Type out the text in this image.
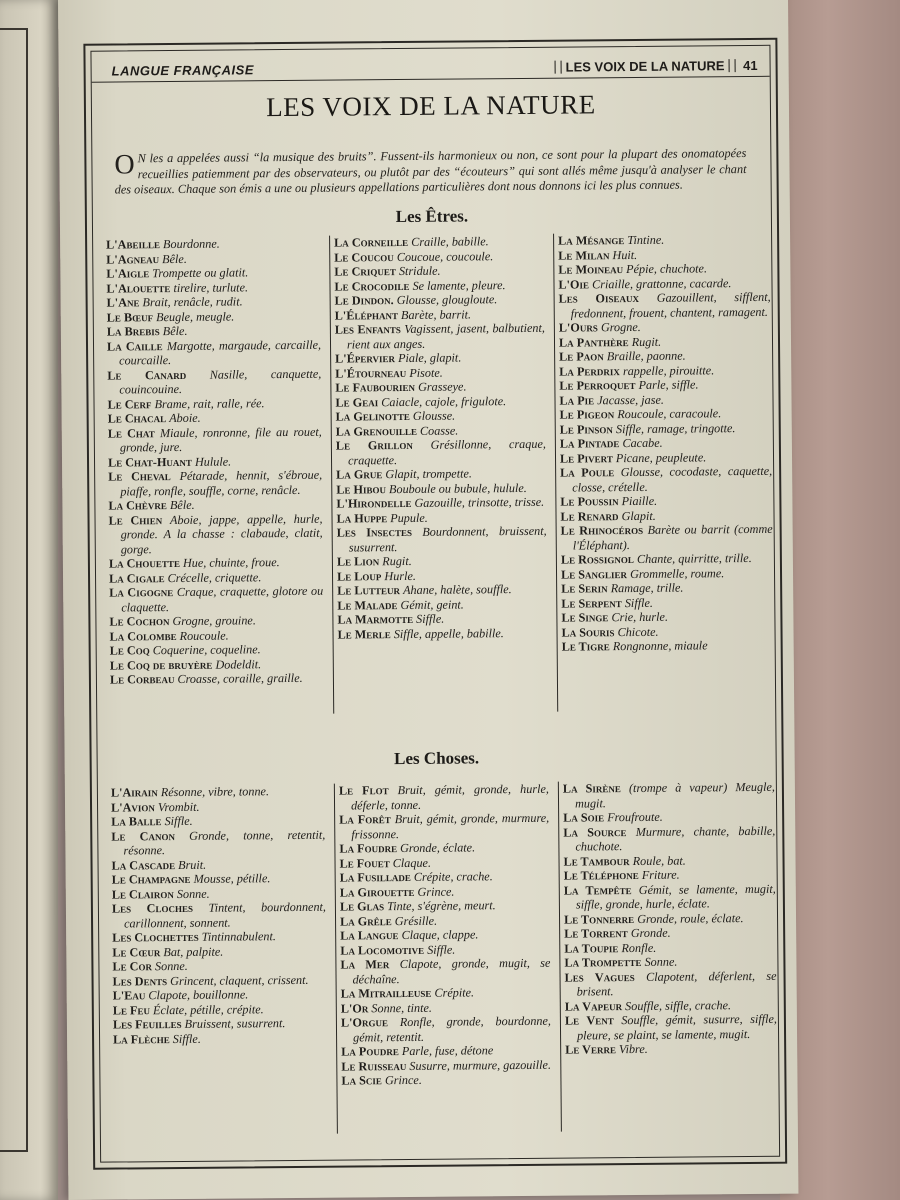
LANGUE FRANÇAISE	LES VOIX DE LA NATURE 41
LES VOIX DE LA NATURE

O N les a appelées aussi “la musique des bruits”. Fussent-ils harmonieux ou non, ce sont pour la plupart des onomatopées recueillies patiemment par des observateurs, ou plutôt par des “écouteurs” qui sont allés même jusqu'à analyser le chant des oiseaux. Chaque son émis a une ou plusieurs appellations particulières dont nous donnons ici les plus connues.

Les Êtres.

L'Abeille Bourdonne.

L'Agneau Bêle.

L'Aigle Trompette ou glatit.

L'Alouette tirelire, turlute.

L'Ane Brait, renâcle, rudit.

Le Bœuf Beugle, meugle.

La Brebis Bêle.

La Caille Margotte, margaude, carcaille, courcaille.

Le Canard Nasille, canquette, couincouine.

Le Cerf Brame, rait, ralle, rée.

Le Chacal Aboie.

Le Chat Miaule, ronronne, file au rouet, gronde, jure.

Le Chat-Huant Hulule.

Le Cheval Pétarade, hennit, s'ébroue, piaffe, ronfle, souffle, corne, renâcle.

La Chèvre Bêle.

Le Chien Aboie, jappe, appelle, hurle, gronde. A la chasse : clabaude, clatit, gorge.

La Chouette Hue, chuinte, froue.

La Cigale Crécelle, criquette.

La Cigogne Craque, craquette, glotore ou claquette.

Le Cochon Grogne, grouine.

La Colombe Roucoule.

Le Coq Coquerine, coqueline.

Le Coq de bruyère Dodeldit.

Le Corbeau Croasse, coraille, graille.

La Corneille Craille, babille.

Le Coucou Coucoue, coucoule.

Le Criquet Stridule.

Le Crocodile Se lamente, pleure.

Le Dindon. Glousse, glougloute.

L'Éléphant Barète, barrit.

Les Enfants Vagissent, jasent, balbutient, rient aux anges.

L'Épervier Piale, glapit.

L'Étourneau Pisote.

Le Faubourien Grasseye.

Le Geai Caiacle, cajole, frigulote.

La Gelinotte Glousse.

La Grenouille Coasse.

Le Grillon Grésillonne, craque, craquette.

La Grue Glapit, trompette.

Le Hibou Bouboule ou bubule, hulule.

L'Hirondelle Gazouille, trinsotte, trisse.

La Huppe Pupule.

Les Insectes Bourdonnent, bruissent, susurrent.

Le Lion Rugit.

Le Loup Hurle.

Le Lutteur Ahane, halète, souffle.

Le Malade Gémit, geint.

La Marmotte Siffle.

Le Merle Siffle, appelle, babille.

La Mésange Tintine.

Le Milan Huit.

Le Moineau Pépie, chuchote.

L'Oie Criaille, grattonne, cacarde.

Les Oiseaux Gazouillent, sifflent, fredonnent, frouent, chantent, ramagent.

L'Ours Grogne.

La Panthère Rugit.

Le Paon Braille, paonne.

La Perdrix rappelle, pirouitte.

Le Perroquet Parle, siffle.

La Pie Jacasse, jase.

Le Pigeon Roucoule, caracoule.

Le Pinson Siffle, ramage, tringotte.

La Pintade Cacabe.

Le Pivert Picane, peupleute.

La Poule Glousse, cocodaste, caquette, closse, crételle.

Le Poussin Piaille.

Le Renard Glapit.

Le Rhinocéros Barète ou barrit (comme l'Éléphant).

Le Rossignol Chante, quirritte, trille.

Le Sanglier Grommelle, roume.

Le Serin Ramage, trille.

Le Serpent Siffle.

Le Singe Crie, hurle.

La Souris Chicote.

Le Tigre Rongnonne, miaule

Les Choses.

L'Airain Résonne, vibre, tonne.

L'Avion Vrombit.

La Balle Siffle.

Le Canon Gronde, tonne, retentit, résonne.

La Cascade Bruit.

Le Champagne Mousse, pétille.

Le Clairon Sonne.

Les Cloches Tintent, bourdonnent, carillonnent, sonnent.

Les Clochettes Tintinnabulent.

Le Cœur Bat, palpite.

Le Cor Sonne.

Les Dents Grincent, claquent, crissent.

L'Eau Clapote, bouillonne.

Le Feu Éclate, pétille, crépite.

Les Feuilles Bruissent, susurrent.

La Flèche Siffle.

Le Flot Bruit, gémit, gronde, hurle, déferle, tonne.

La Forêt Bruit, gémit, gronde, murmure, frissonne.

La Foudre Gronde, éclate.

Le Fouet Claque.

La Fusillade Crépite, crache.

La Girouette Grince.

Le Glas Tinte, s'égrène, meurt.

La Grêle Grésille.

La Langue Claque, clappe.

La Locomotive Siffle.

La Mer Clapote, gronde, mugit, se déchaîne.

La Mitrailleuse Crépite.

L'Or Sonne, tinte.

L'Orgue Ronfle, gronde, bourdonne, gémit, retentit.

La Poudre Parle, fuse, détone

Le Ruisseau Susurre, murmure, gazouille.

La Scie Grince.

La Sirène (trompe à vapeur) Meugle, mugit.

La Soie Froufroute.

La Source Murmure, chante, babille, chuchote.

Le Tambour Roule, bat.

Le Téléphone Friture.

La Tempête Gémit, se lamente, mugit, siffle, gronde, hurle, éclate.

Le Tonnerre Gronde, roule, éclate.

Le Torrent Gronde.

La Toupie Ronfle.

La Trompette Sonne.

Les Vagues Clapotent, déferlent, se brisent.

La Vapeur Souffle, siffle, crache.

Le Vent Souffle, gémit, susurre, siffle, pleure, se plaint, se lamente, mugit.

Le Verre Vibre.
